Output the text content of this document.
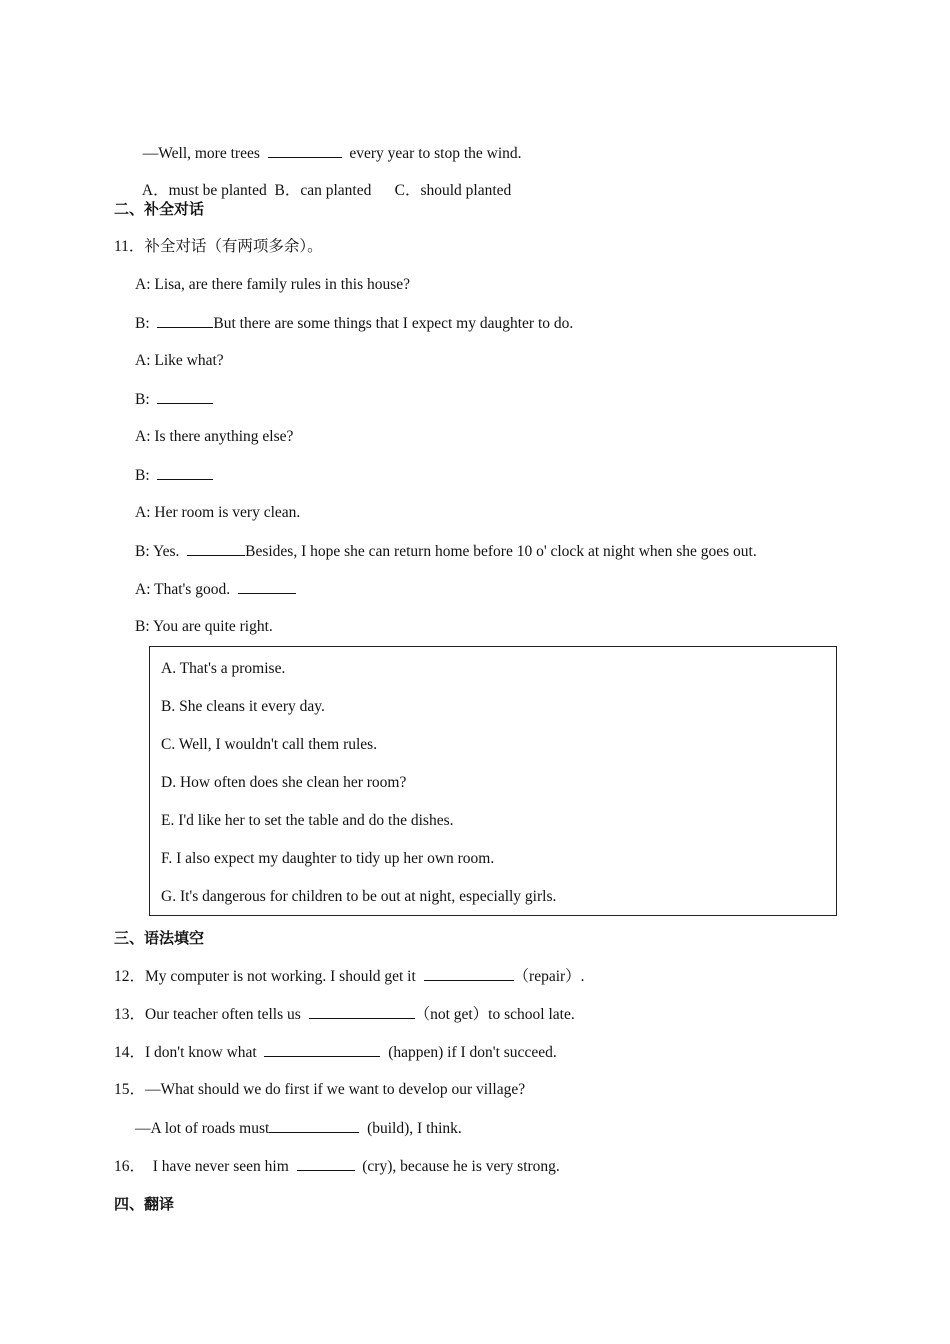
—Well, more trees	every year to stop the wind.

A．must be planted B．can planted C．should planted

二、补全对话
11．补全对话（有两项多余）。
A: Lisa, are there family rules in this house?
B:	But there are some things that I expect my daughter to do.
A: Like what?
B:
A: Is there anything else?
B:
A: Her room is very clean.
B: Yes.	Besides, I hope she can return home before 10 o' clock at night when she goes out.
A: That's good.
B: You are quite right.
A. That's a promise.
B. She cleans it every day.
C. Well, I wouldn't call them rules.
D. How often does she clean her room?
E. I'd like her to set the table and do the dishes.
F. I also expect my daughter to tidy up her own room.
G. It's dangerous for children to be out at night, especially girls.
三、语法填空
12．My computer is not working. I should get it	（repair）.
13．Our teacher often tells us	（not get）to school late.
14．I don't know what	(happen) if I don't succeed.
15．—What should we do first if we want to develop our village?
—A lot of roads must	(build), I think.
16．  I have never seen him	(cry), because he is very strong.
四、翻译
